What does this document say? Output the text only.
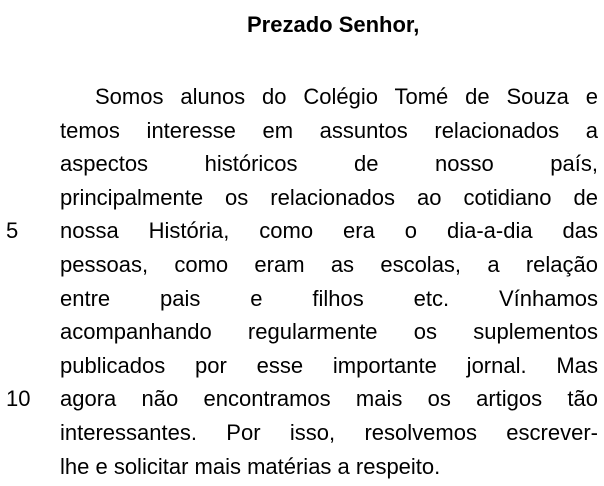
Prezado Senhor,
Somos alunos do Colégio Tomé de Souza e
temos interesse em assuntos relacionados a
aspectos históricos de nosso país,
principalmente os relacionados ao cotidiano de
5	nossa História, como era o dia-a-dia das
pessoas, como eram as escolas, a relação
entre pais e filhos etc. Vínhamos
acompanhando regularmente os suplementos
publicados por esse importante jornal. Mas
10	agora não encontramos mais os artigos tão
interessantes. Por isso, resolvemos escrever-
lhe e solicitar mais matérias a respeito.
